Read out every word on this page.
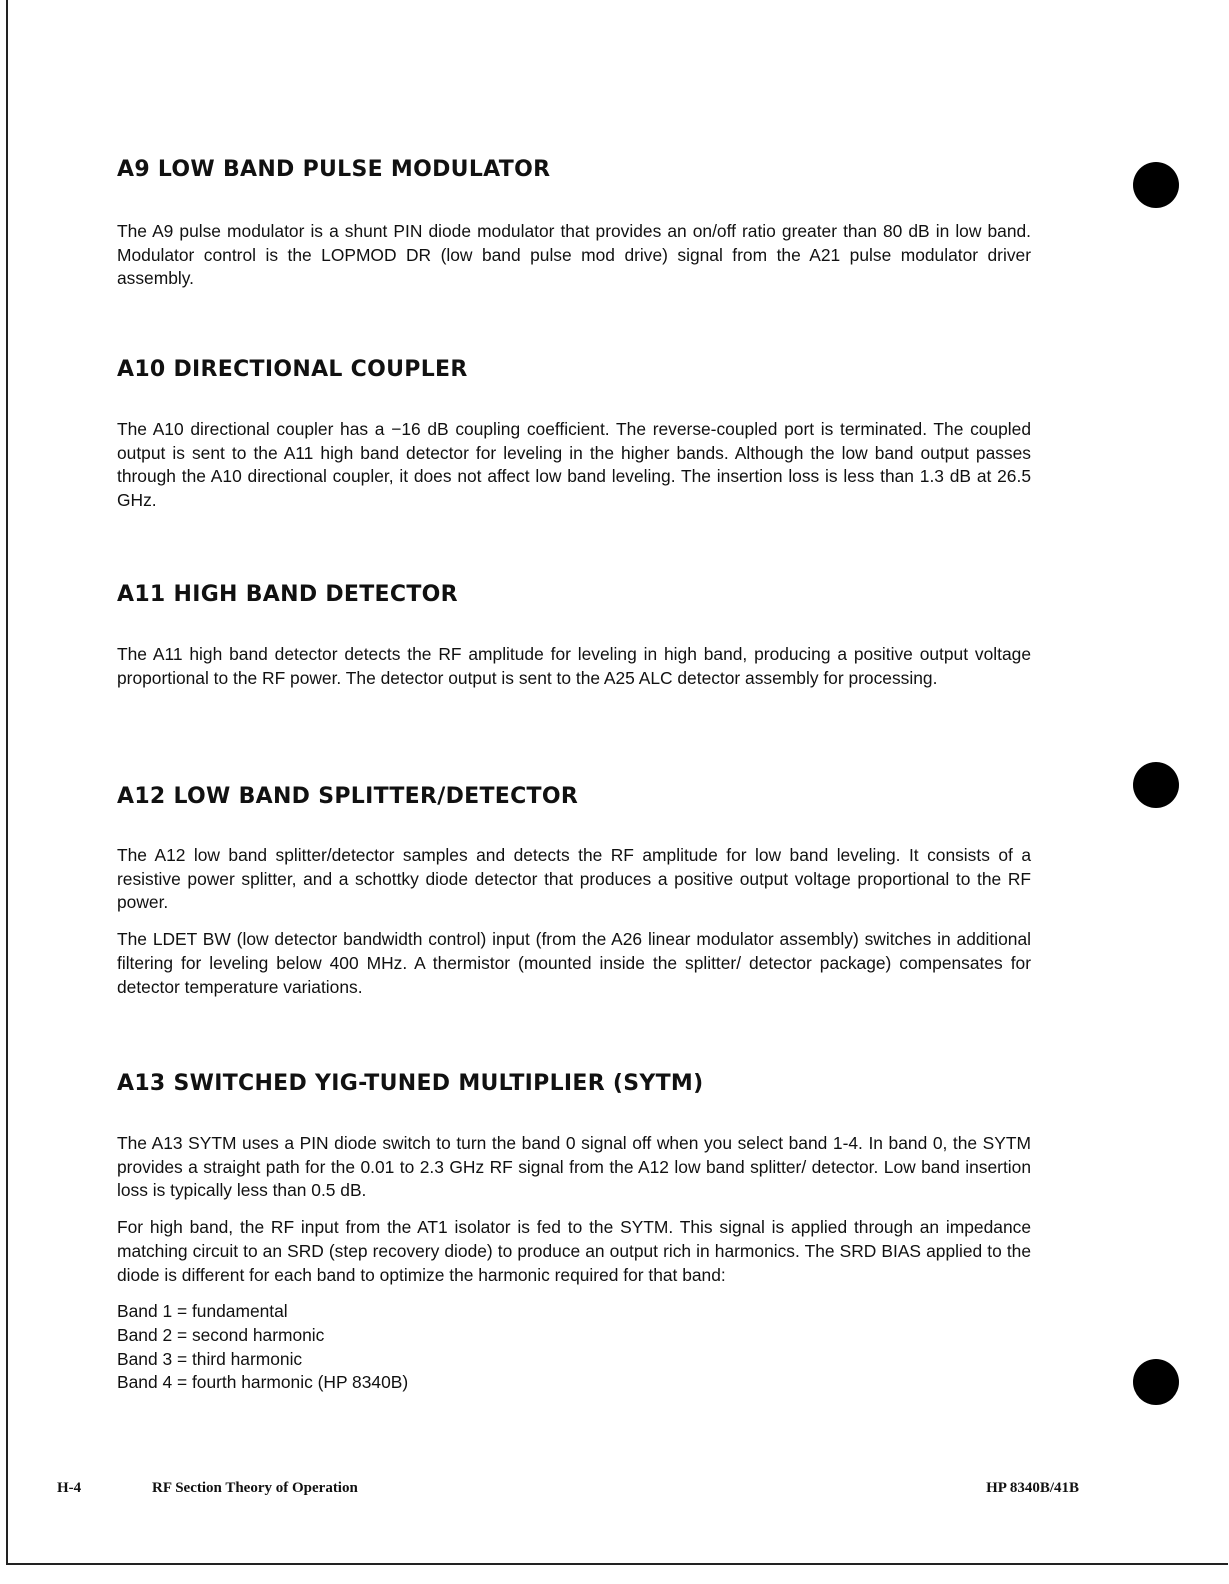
A9 LOW BAND PULSE MODULATOR

The A9 pulse modulator is a shunt PIN diode modulator that provides an on/off ratio greater than 80 dB in low band. Modulator control is the LOPMOD DR (low band pulse mod drive) signal from the A21 pulse modulator driver assembly.

A10 DIRECTIONAL COUPLER

The A10 directional coupler has a −16 dB coupling coefficient. The reverse-coupled port is terminated. The coupled output is sent to the A11 high band detector for leveling in the higher bands. Although the low band output passes through the A10 directional coupler, it does not affect low band leveling. The insertion loss is less than 1.3 dB at 26.5 GHz.

A11 HIGH BAND DETECTOR

The A11 high band detector detects the RF amplitude for leveling in high band, producing a positive output voltage proportional to the RF power. The detector output is sent to the A25 ALC detector assembly for processing.

A12 LOW BAND SPLITTER/DETECTOR

The A12 low band splitter/detector samples and detects the RF amplitude for low band leveling. It consists of a resistive power splitter, and a schottky diode detector that produces a positive output voltage proportional to the RF power.

The LDET BW (low detector bandwidth control) input (from the A26 linear modulator assembly) switches in additional filtering for leveling below 400 MHz. A thermistor (mounted inside the splitter/ detector package) compensates for detector temperature variations.

A13 SWITCHED YIG-TUNED MULTIPLIER (SYTM)

The A13 SYTM uses a PIN diode switch to turn the band 0 signal off when you select band 1-4. In band 0, the SYTM provides a straight path for the 0.01 to 2.3 GHz RF signal from the A12 low band splitter/ detector. Low band insertion loss is typically less than 0.5 dB.

For high band, the RF input from the AT1 isolator is fed to the SYTM. This signal is applied through an impedance matching circuit to an SRD (step recovery diode) to produce an output rich in harmonics. The SRD BIAS applied to the diode is different for each band to optimize the harmonic required for that band:

Band 1 = fundamental
Band 2 = second harmonic
Band 3 = third harmonic
Band 4 = fourth harmonic (HP 8340B)
H-4	RF Section Theory of Operation	HP 8340B/41B
